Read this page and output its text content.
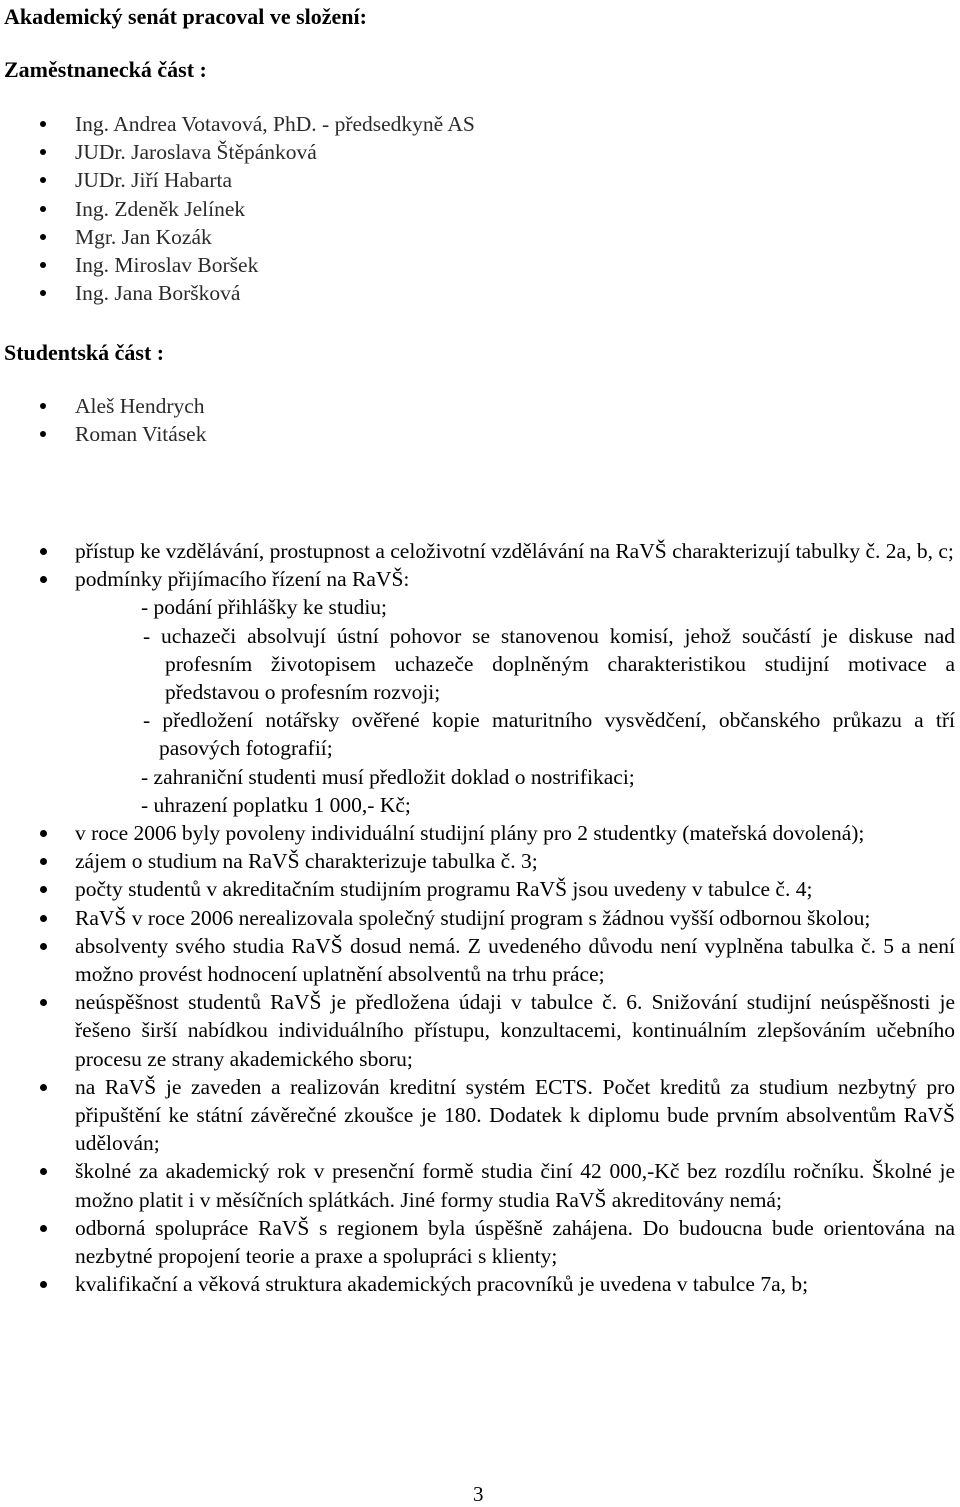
Akademický senát pracoval ve složení:
Zaměstnanecká část :
Ing. Andrea Votavová, PhD. - předsedkyně AS
JUDr. Jaroslava Štěpánková
JUDr. Jiří Habarta
Ing. Zdeněk Jelínek
Mgr. Jan Kozák
Ing. Miroslav Boršek
Ing. Jana Boršková
Studentská část :
Aleš Hendrych
Roman Vitásek
přístup ke vzdělávání, prostupnost a celoživotní vzdělávání na RaVŠ charakterizují tabulky č. 2a, b, c;
podmínky přijímacího řízení na RaVŠ:
- podání přihlášky ke studiu;
- uchazeči absolvují ústní pohovor se stanovenou komisí, jehož součástí je diskuse nad profesním životopisem uchazeče doplněným charakteristikou studijní motivace a představou o profesním rozvoji;
- předložení notářsky ověřené kopie maturitního vysvědčení, občanského průkazu a tří pasových fotografií;
- zahraniční studenti musí předložit doklad o nostrifikaci;
- uhrazení poplatku 1 000,- Kč;
v roce 2006 byly povoleny individuální studijní plány pro 2 studentky (mateřská dovolená);
zájem o studium na RaVŠ charakterizuje tabulka č. 3;
počty studentů v akreditačním studijním programu RaVŠ jsou uvedeny v tabulce č. 4;
RaVŠ v roce 2006 nerealizovala společný studijní program s žádnou vyšší odbornou školou;
absolventy svého studia RaVŠ dosud nemá. Z uvedeného důvodu není vyplněna tabulka č. 5 a není možno provést hodnocení uplatnění absolventů na trhu práce;
neúspěšnost studentů RaVŠ je předložena údaji v tabulce č. 6. Snižování studijní neúspěšnosti je řešeno širší nabídkou individuálního přístupu, konzultacemi, kontinuálním zlepšováním učebního procesu ze strany akademického sboru;
na RaVŠ je zaveden a realizován kreditní systém ECTS. Počet kreditů za studium nezbytný pro připuštění ke státní závěrečné zkoušce je 180. Dodatek k diplomu bude prvním absolventům RaVŠ udělován;
školné za akademický rok v presenční formě studia činí 42 000,-Kč bez rozdílu ročníku. Školné je možno platit i v měsíčních splátkách. Jiné formy studia RaVŠ akreditovány nemá;
odborná spolupráce RaVŠ s regionem byla úspěšně zahájena. Do budoucna bude orientována na nezbytné propojení teorie a praxe a spolupráci s klienty;
kvalifikační a věková struktura akademických pracovníků je uvedena v tabulce 7a, b;
3
